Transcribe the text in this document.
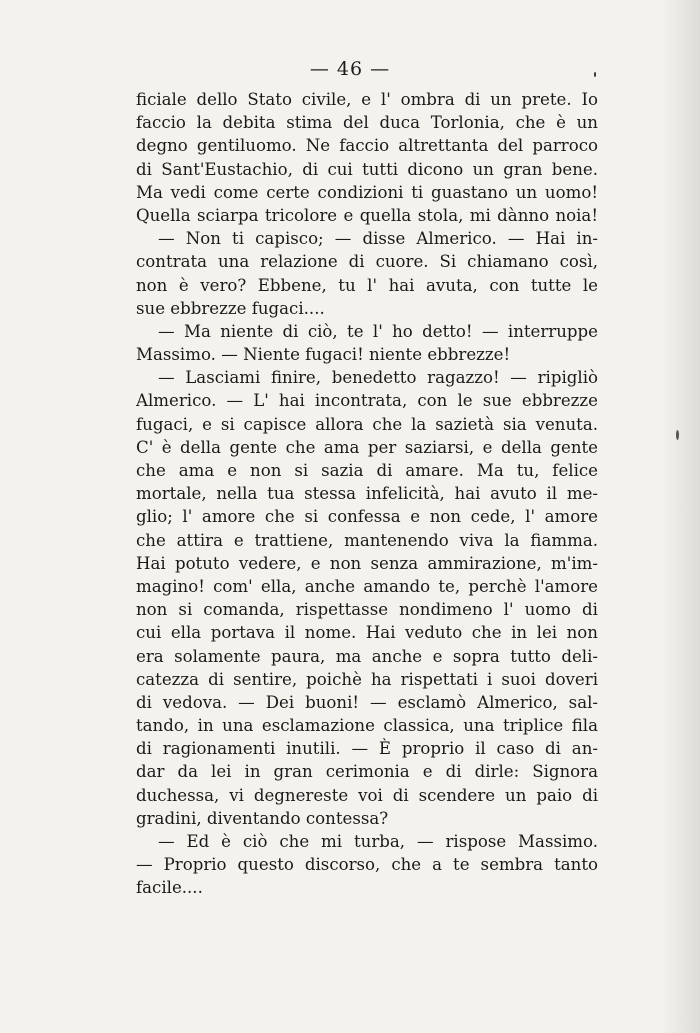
— 46 —
ficiale dello Stato civile, e l' ombra di un prete. Io
faccio la debita stima del duca Torlonia, che è un
degno gentiluomo. Ne faccio altrettanta del parroco
di Sant'Eustachio, di cui tutti dicono un gran bene.
Ma vedi come certe condizioni ti guastano un uomo!
Quella sciarpa tricolore e quella stola, mi dànno noia!
— Non ti capisco; — disse Almerico. — Hai in-
contrata una relazione di cuore. Si chiamano così,
non è vero? Ebbene, tu l' hai avuta, con tutte le
sue ebbrezze fugaci....
— Ma niente di ciò, te l' ho detto! — interruppe
Massimo. — Niente fugaci! niente ebbrezze!
— Lasciami finire, benedetto ragazzo! — ripigliò
Almerico. — L' hai incontrata, con le sue ebbrezze
fugaci, e si capisce allora che la sazietà sia venuta.
C' è della gente che ama per saziarsi, e della gente
che ama e non si sazia di amare. Ma tu, felice
mortale, nella tua stessa infelicità, hai avuto il me-
glio; l' amore che si confessa e non cede, l' amore
che attira e trattiene, mantenendo viva la fiamma.
Hai potuto vedere, e non senza ammirazione, m'im-
magino! com' ella, anche amando te, perchè l'amore
non si comanda, rispettasse nondimeno l' uomo di
cui ella portava il nome. Hai veduto che in lei non
era solamente paura, ma anche e sopra tutto deli-
catezza di sentire, poichè ha rispettati i suoi doveri
di vedova. — Dei buoni! — esclamò Almerico, sal-
tando, in una esclamazione classica, una triplice fila
di ragionamenti inutili. — È proprio il caso di an-
dar da lei in gran cerimonia e di dirle: Signora
duchessa, vi degnereste voi di scendere un paio di
gradini, diventando contessa?
— Ed è ciò che mi turba, — rispose Massimo.
— Proprio questo discorso, che a te sembra tanto
facile....
